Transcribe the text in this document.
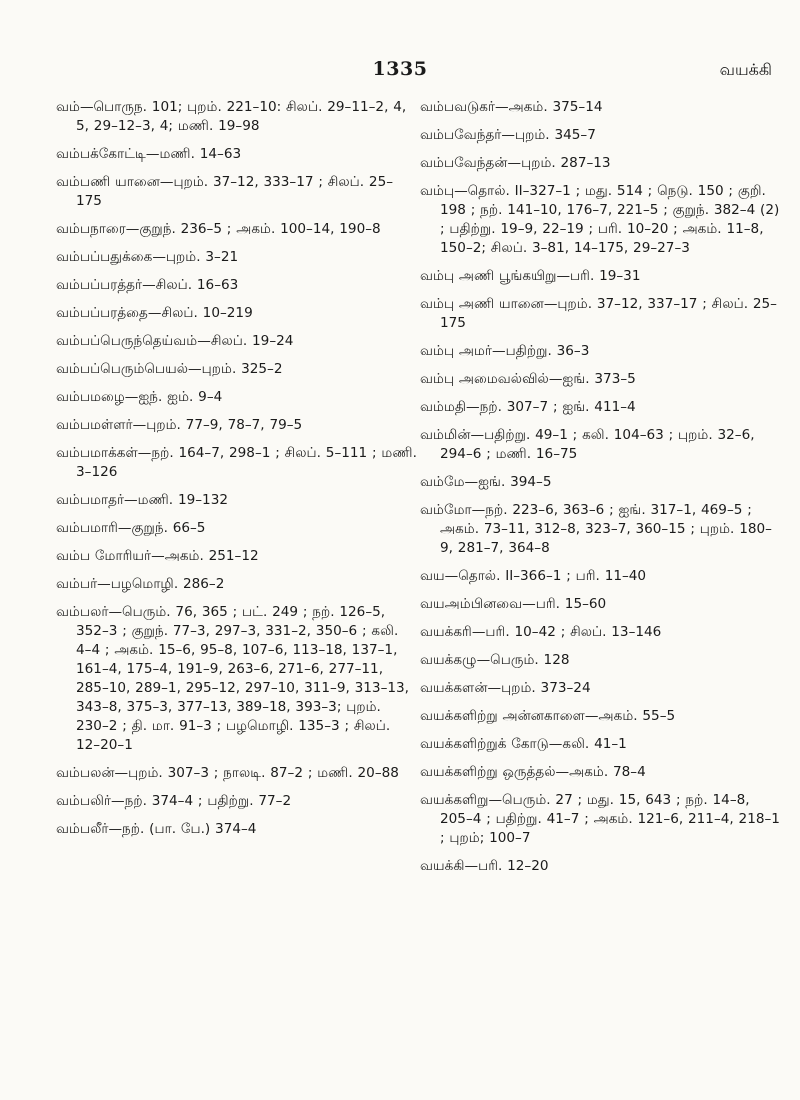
1335	வயக்கி
வம்—பொருந. 101; புறம். 221–10: சிலப். 29–11–2, 4, 5, 29–12–3, 4; மணி. 19–98
வம்பக்கோட்டி—மணி. 14–63
வம்பணி யானை—புறம். 37–12, 333–17 ; சிலப். 25–175
வம்பநாரை—குறுந். 236–5 ; அகம். 100–14, 190–8
வம்பப்பதுக்கை—புறம். 3–21
வம்பப்பரத்தர்—சிலப். 16–63
வம்பப்பரத்தை—சிலப். 10–219
வம்பப்பெருந்தெய்வம்—சிலப். 19–24
வம்பப்பெரும்பெயல்—புறம். 325–2
வம்பமழை—ஐந். ஐம். 9–4
வம்பமள்ளர்—புறம். 77–9, 78–7, 79–5
வம்பமாக்கள்—நற். 164–7, 298–1 ; சிலப். 5–111 ; மணி. 3–126
வம்பமாதர்—மணி. 19–132
வம்பமாரி—குறுந். 66–5
வம்ப மோரியர்—அகம். 251–12
வம்பர்—பழமொழி. 286–2
வம்பலர்—பெரும். 76, 365 ; பட். 249 ; நற். 126–5, 352–3 ; குறுந். 77–3, 297–3, 331–2, 350–6 ; கலி. 4–4 ; அகம். 15–6, 95–8, 107–6, 113–18, 137–1, 161–4, 175–4, 191–9, 263–6, 271–6, 277–11, 285–10, 289–1, 295–12, 297–10, 311–9, 313–13, 343–8, 375–3, 377–13, 389–18, 393–3; புறம். 230–2 ; தி. மா. 91–3 ; பழமொழி. 135–3 ; சிலப். 12–20–1
வம்பலன்—புறம். 307–3 ; நாலடி. 87–2 ; மணி. 20–88
வம்பலிர்—நற். 374–4 ; பதிற்று. 77–2
வம்பலீர்—நற். (பா. பே.) 374–4
வம்பவடுகர்—அகம். 375–14
வம்பவேந்தர்—புறம். 345–7
வம்பவேந்தன்—புறம். 287–13
வம்பு—தொல். II–327–1 ; மது. 514 ; நெடு. 150 ; குறி. 198 ; நற். 141–10, 176–7, 221–5 ; குறுந். 382–4 (2) ; பதிற்று. 19–9, 22–19 ; பரி. 10–20 ; அகம். 11–8, 150–2; சிலப். 3–81, 14–175, 29–27–3
வம்பு அணி பூங்கயிறு—பரி. 19–31
வம்பு அணி யானை—புறம். 37–12, 337–17 ; சிலப். 25–175
வம்பு அமர்—பதிற்று. 36–3
வம்பு அமைவல்வில்—ஐங். 373–5
வம்மதி—நற். 307–7 ; ஐங். 411–4
வம்மின்—பதிற்று. 49–1 ; கலி. 104–63 ; புறம். 32–6, 294–6 ; மணி. 16–75
வம்மே—ஐங். 394–5
வம்மோ—நற். 223–6, 363–6 ; ஐங். 317–1, 469–5 ; அகம். 73–11, 312–8, 323–7, 360–15 ; புறம். 180–9, 281–7, 364–8
வய—தொல். II–366–1 ; பரி. 11–40
வயஅம்பினவை—பரி. 15–60
வயக்கரி—பரி. 10–42 ; சிலப். 13–146
வயக்கழு—பெரும். 128
வயக்களன்—புறம். 373–24
வயக்களிற்று அன்னகாளை—அகம். 55–5
வயக்களிற்றுக் கோடு—கலி. 41–1
வயக்களிற்று ஒருத்தல்—அகம். 78–4
வயக்களிறு—பெரும். 27 ; மது. 15, 643 ; நற். 14–8, 205–4 ; பதிற்று. 41–7 ; அகம். 121–6, 211–4, 218–1 ; புறம்; 100–7
வயக்கி—பரி. 12–20
